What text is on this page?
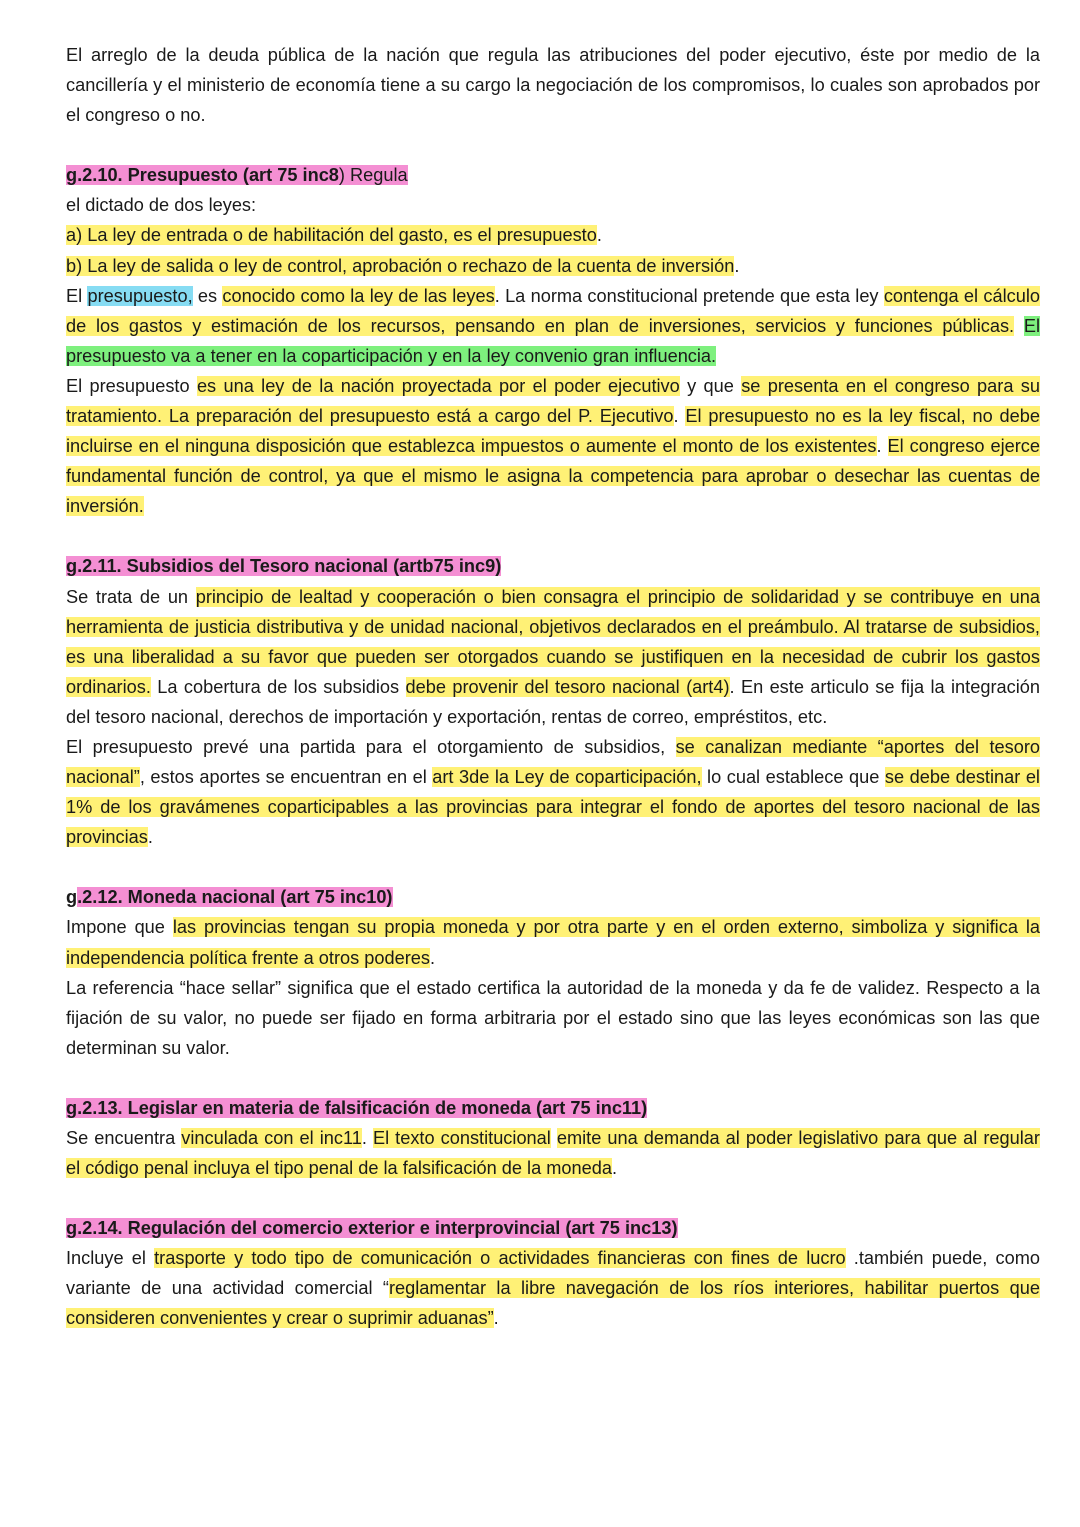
El arreglo de la deuda pública de la nación que regula las atribuciones del poder ejecutivo, éste por medio de la cancillería y el ministerio de economía tiene a su cargo la negociación de los compromisos, lo cuales son aprobados por el congreso o no.

g.2.10. Presupuesto (art 75 inc8) Regula

el dictado de dos leyes:

a) La ley de entrada o de habilitación del gasto, es el presupuesto.

b) La ley de salida o ley de control, aprobación o rechazo de la cuenta de inversión.

El presupuesto, es conocido como la ley de las leyes. La norma constitucional pretende que esta ley contenga el cálculo de los gastos y estimación de los recursos, pensando en plan de inversiones, servicios y funciones públicas. El presupuesto va a tener en la coparticipación y en la ley convenio gran influencia.

El presupuesto es una ley de la nación proyectada por el poder ejecutivo y que se presenta en el congreso para su tratamiento. La preparación del presupuesto está a cargo del P. Ejecutivo. El presupuesto no es la ley fiscal, no debe incluirse en el ninguna disposición que establezca impuestos o aumente el monto de los existentes. El congreso ejerce fundamental función de control, ya que el mismo le asigna la competencia para aprobar o desechar las cuentas de inversión.

g.2.11. Subsidios del Tesoro nacional (artb75 inc9)

Se trata de un principio de lealtad y cooperación o bien consagra el principio de solidaridad y se contribuye en una herramienta de justicia distributiva y de unidad nacional, objetivos declarados en el preámbulo. Al tratarse de subsidios, es una liberalidad a su favor que pueden ser otorgados cuando se justifiquen en la necesidad de cubrir los gastos ordinarios. La cobertura de los subsidios debe provenir del tesoro nacional (art4). En este articulo se fija la integración del tesoro nacional, derechos de importación y exportación, rentas de correo, empréstitos, etc.

El presupuesto prevé una partida para el otorgamiento de subsidios, se canalizan mediante “aportes del tesoro nacional”, estos aportes se encuentran en el art 3de la Ley de coparticipación, lo cual establece que se debe destinar el 1% de los gravámenes coparticipables a las provincias para integrar el fondo de aportes del tesoro nacional de las provincias.

g.2.12. Moneda nacional (art 75 inc10)

Impone que las provincias tengan su propia moneda y por otra parte y en el orden externo, simboliza y significa la independencia política frente a otros poderes.

La referencia “hace sellar” significa que el estado certifica la autoridad de la moneda y da fe de validez. Respecto a la fijación de su valor, no puede ser fijado en forma arbitraria por el estado sino que las leyes económicas son las que determinan su valor.

g.2.13. Legislar en materia de falsificación de moneda (art 75 inc11)

Se encuentra vinculada con el inc11. El texto constitucional emite una demanda al poder legislativo para que al regular el código penal incluya el tipo penal de la falsificación de la moneda.

g.2.14. Regulación del comercio exterior e interprovincial (art 75 inc13)

Incluye el trasporte y todo tipo de comunicación o actividades financieras con fines de lucro .también puede, como variante de una actividad comercial “reglamentar la libre navegación de los ríos interiores, habilitar puertos que consideren convenientes y crear o suprimir aduanas”.
